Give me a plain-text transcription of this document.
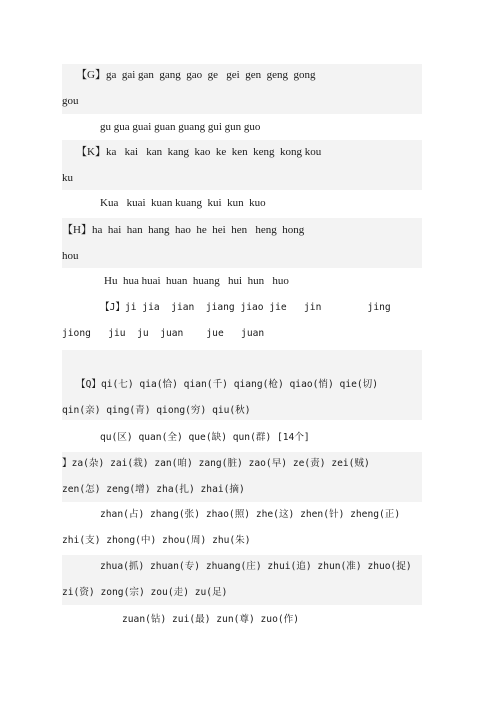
【G】ga  gai gan  gang  gao  ge   gei  gen  geng  gong
gou
gu gua guai guan guang gui gun guo
【K】ka   kai   kan  kang  kao  ke  ken  keng  kong kou
ku
Kua   kuai  kuan kuang  kui  kun  kuo
【H】ha  hai  han  hang  hao  he  hei  hen   heng  hong
hou
Hu  hua huai  huan  huang   hui  hun   huo
【J】ji jia  jian  jiang jiao jie   jin        jing
jiong   jiu  ju  juan    jue   juan
【Q】qi(七) qia(恰) qian(千) qiang(枪) qiao(悄) qie(切)
qin(亲) qing(青) qiong(穷) qiu(秋)
qu(区) quan(全) que(缺) qun(群) [14个]
】za(杂) zai(栽) zan(咱) zang(脏) zao(早) ze(责) zei(贼)
zen(怎) zeng(增) zha(扎) zhai(摘)
zhan(占) zhang(张) zhao(照) zhe(这) zhen(针) zheng(正)
zhi(支) zhong(中) zhou(周) zhu(朱)
zhua(抓) zhuan(专) zhuang(庄) zhui(追) zhun(准) zhuo(捉)
zi(资) zong(宗) zou(走) zu(足)
zuan(钻) zui(最) zun(尊) zuo(作)
